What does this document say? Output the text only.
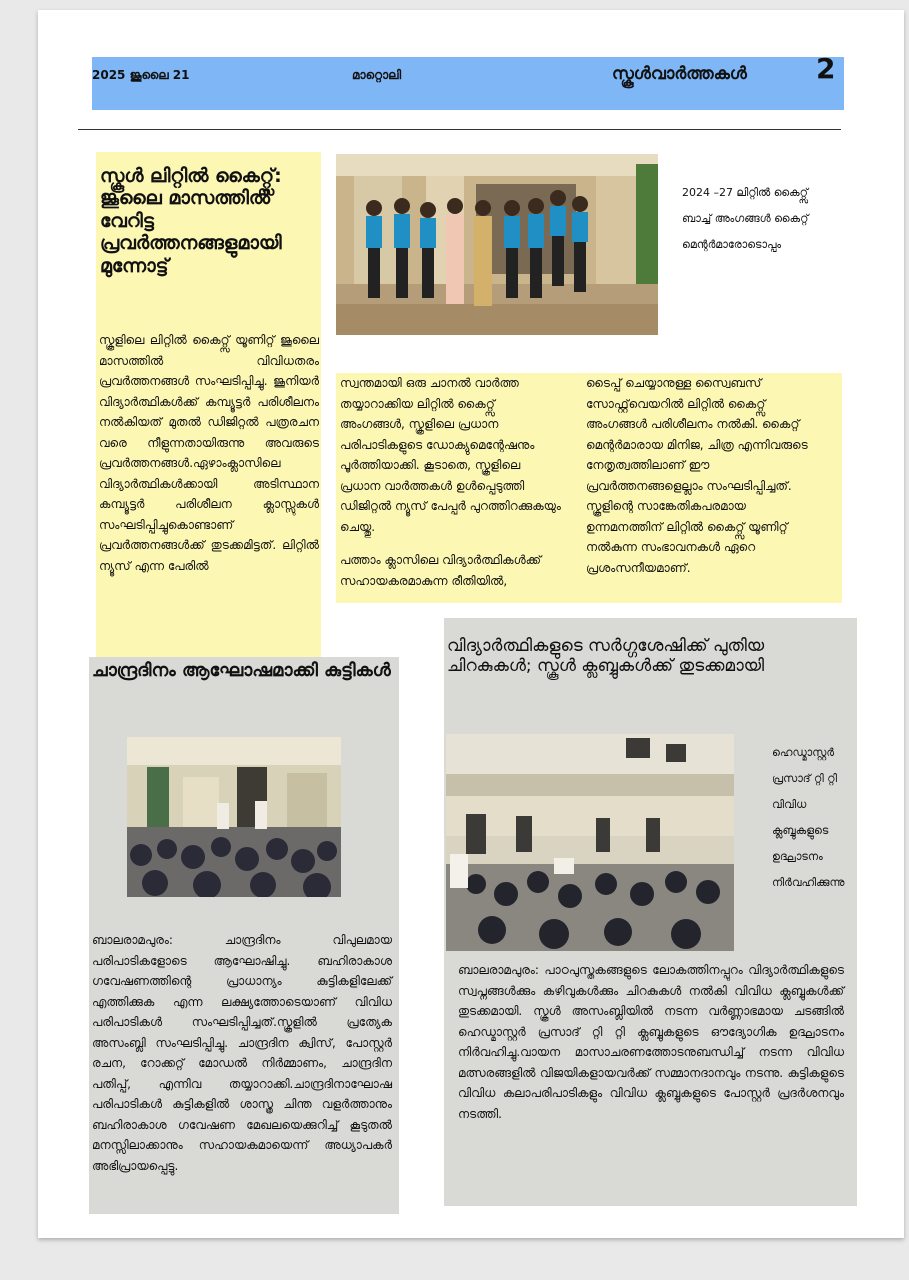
2025 ജൂലൈ 21	മാറ്റൊലി	സ്കൂൾവാർത്തകൾ 2
സ്കൂൾ ലിറ്റിൽ കൈറ്റ്സ്: ജൂലൈ മാസത്തിൽ വേറിട്ട പ്രവർത്തനങ്ങളുമായി മുന്നോട്ട്
2024 –27 ലിറ്റിൽ കൈറ്റ്സ് ബാച്ച് അംഗങ്ങൾ കൈറ്റ് മെന്റർമാരോടൊപ്പം
സ്കൂളിലെ ലിറ്റിൽ കൈറ്റ്സ് യൂണിറ്റ് ജൂലൈ മാസത്തിൽ വിവിധതരം പ്രവർത്തനങ്ങൾ സംഘടിപ്പിച്ചു. ജൂനിയർ വിദ്യാർത്ഥികൾക്ക് കമ്പ്യൂട്ടർ പരിശീലനം നൽകിയത് മുതൽ ഡിജിറ്റൽ പത്രരചന വരെ നീളുന്നതായിരുന്നു അവരുടെ പ്രവർത്തനങ്ങൾ.ഏഴാംക്ലാസിലെ വിദ്യാർത്ഥികൾക്കായി അടിസ്ഥാന കമ്പ്യൂട്ടർ പരിശീലന ക്ലാസ്സുകൾ സംഘടിപ്പിച്ചുകൊണ്ടാണ് പ്രവർത്തനങ്ങൾക്ക് തുടക്കമിട്ടത്. ലിറ്റിൽ ന്യൂസ് എന്ന പേരിൽ
സ്വന്തമായി ഒരു ചാനൽ വാർത്ത തയ്യാറാക്കിയ ലിറ്റിൽ കൈറ്റ്സ് അംഗങ്ങൾ, സ്കൂളിലെ പ്രധാന പരിപാടികളുടെ ഡോക്യുമെന്റേഷനും പൂർത്തിയാക്കി. കൂടാതെ, സ്കൂളിലെ പ്രധാന വാർത്തകൾ ഉൾപ്പെടുത്തി ഡിജിറ്റൽ ന്യൂസ് പേപ്പർ പുറത്തിറക്കുകയും ചെയ്തു.
പത്താം ക്ലാസിലെ വിദ്യാർത്ഥികൾക്ക് സഹായകരമാകുന്ന രീതിയിൽ,
ടൈപ്പ് ചെയ്യാനുള്ള സ്വൈബസ് സോഫ്റ്റ്‌വെയറിൽ ലിറ്റിൽ കൈറ്റ്സ് അംഗങ്ങൾ പരിശീലനം നൽകി. കൈറ്റ് മെന്റർമാരായ മിനിജ, ചിത്ര എന്നിവരുടെ നേതൃത്വത്തിലാണ് ഈ പ്രവർത്തനങ്ങളെല്ലാം സംഘടിപ്പിച്ചത്. സ്കൂളിന്റെ സാങ്കേതികപരമായ ഉന്നമനത്തിന് ലിറ്റിൽ കൈറ്റ്സ് യൂണിറ്റ് നൽകുന്ന സംഭാവനകൾ ഏറെ പ്രശംസനീയമാണ്.
ചാന്ദ്രദിനം ആഘോഷമാക്കി കുട്ടികൾ
ബാലരാമപുരം: ചാന്ദ്രദിനം വിപുലമായ പരിപാടികളോടെ ആഘോഷിച്ചു. ബഹിരാകാശ ഗവേഷണത്തിന്റെ പ്രാധാന്യം കുട്ടികളിലേക്ക് എത്തിക്കുക എന്ന ലക്ഷ്യത്തോടെയാണ് വിവിധ പരിപാടികൾ സംഘടിപ്പിച്ചത്.സ്കൂളിൽ പ്രത്യേക അസംബ്ലി സംഘടിപ്പിച്ചു. ചാന്ദ്രദിന ക്വിസ്, പോസ്റ്റർ രചന, റോക്കറ്റ് മോഡൽ നിർമ്മാണം, ചാന്ദ്രദിന പതിപ്പ്, എന്നിവ തയ്യാറാക്കി.ചാന്ദ്രദിനാഘോഷ പരിപാടികൾ കുട്ടികളിൽ ശാസ്ത്ര ചിന്ത വളർത്താനും ബഹിരാകാശ ഗവേഷണ മേഖലയെക്കുറിച്ച് കൂടുതൽ മനസ്സിലാക്കാനും സഹായകമായെന്ന് അധ്യാപകർ അഭിപ്രായപ്പെട്ടു.
വിദ്യാർത്ഥികളുടെ സർഗ്ഗശേഷിക്ക് പുതിയ ചിറകുകൾ; സ്കൂൾ ക്ലബ്ബുകൾക്ക് തുടക്കമായി
ഹെഡ്മാസ്റ്റർ പ്രസാദ് റ്റി റ്റി വിവിധ ക്ലബ്ബുകളുടെ ഉദ്ഘാടനം നിർവഹിക്കുന്നു
ബാലരാമപുരം: പാഠപുസ്തകങ്ങളുടെ ലോകത്തിനപ്പുറം വിദ്യാർത്ഥികളുടെ സ്വപ്നങ്ങൾക്കും കഴിവുകൾക്കും ചിറകുകൾ നൽകി വിവിധ ക്ലബ്ബുകൾക്ക് തുടക്കമായി. സ്കൂൾ അസംബ്ലിയിൽ നടന്ന വർണ്ണാഭമായ ചടങ്ങിൽ ഹെഡ്മാസ്റ്റർ പ്രസാദ് റ്റി റ്റി ക്ലബ്ബുകളുടെ ഔദ്യോഗിക ഉദ്ഘാടനം നിർവഹിച്ചു.വായന മാസാചരണത്തോടനുബന്ധിച്ച് നടന്ന വിവിധ മത്സരങ്ങളിൽ വിജയികളായവർക്ക് സമ്മാനദാനവും നടന്നു. കുട്ടികളുടെ വിവിധ കലാപരിപാടികളും വിവിധ ക്ലബ്ബുകളുടെ പോസ്റ്റർ പ്രദർശനവും നടത്തി.
